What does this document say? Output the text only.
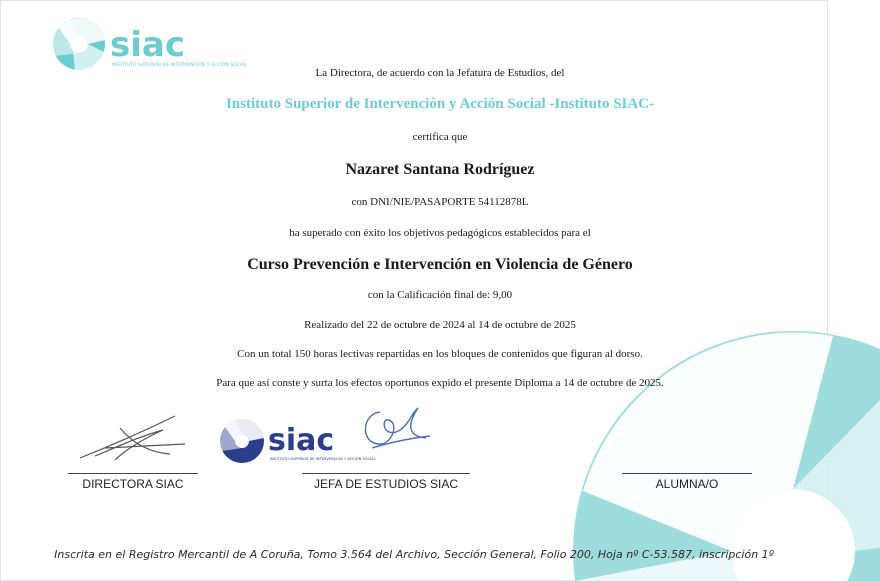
siac
INSTITUTO SUPERIOR DE INTERVENCIÓN Y ACCIÓN SOCIAL
La Directora, de acuerdo con la Jefatura de Estudios, del
Instituto Superior de Intervención y Acción Social -Instituto SIAC-
certifica que
Nazaret Santana Rodríguez
con DNI/NIE/PASAPORTE 54112878L
ha superado con éxito los objetivos pedagógicos establecidos para el
Curso Prevención e Intervención en Violencia de Género
con la Calificación final de: 9,00
Realizado del 22 de octubre de 2024 al 14 de octubre de 2025
Con un total 150 horas lectivas repartidas en los bloques de contenidos que figuran al dorso.
Para que así conste y surta los efectos oportunos expido el presente Diploma a 14 de octubre de 2025.
DIRECTORA SIAC
siac
INSTITUTO SUPERIOR DE INTERVENCIÓN Y ACCIÓN SOCIAL
JEFA DE ESTUDIOS SIAC	ALUMNA/O
Inscrita en el Registro Mercantil de A Coruña, Tomo 3.564 del Archivo, Sección General, Folio 200, Hoja nº C-53.587, inscripción 1º
